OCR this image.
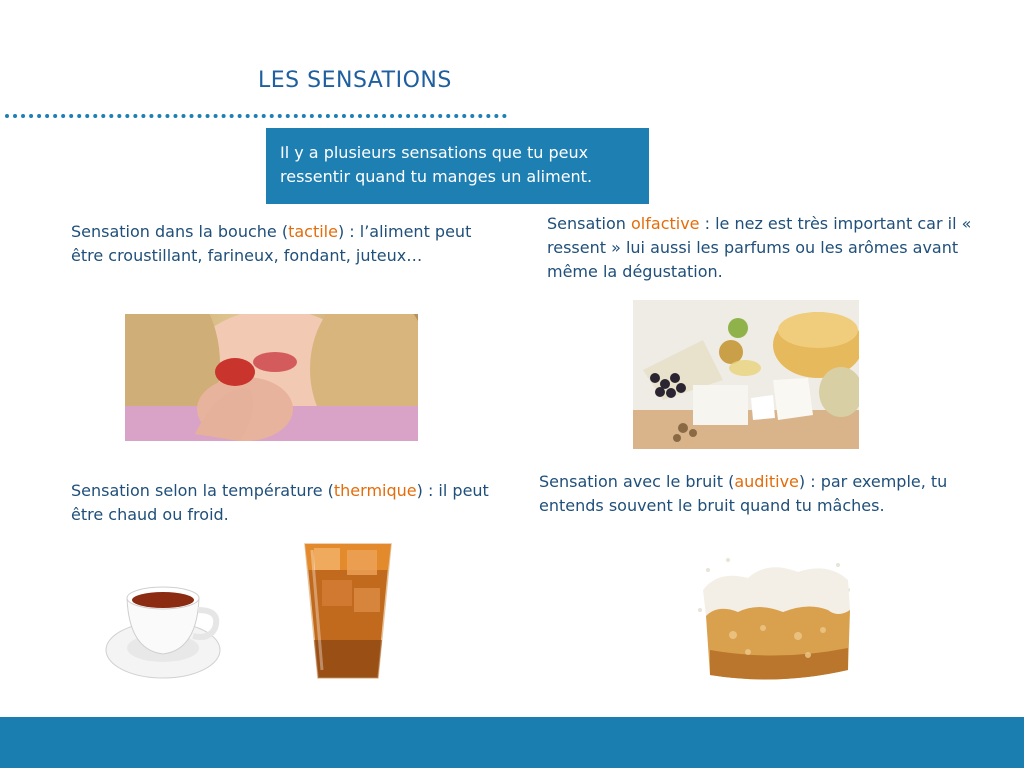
LES SENSATIONS
Il y a plusieurs sensations que tu peux ressentir quand tu manges un aliment.
Sensation dans la bouche (tactile) : l’aliment peut être croustillant, farineux, fondant, juteux…
Sensation olfactive : le nez est très important car il « ressent » lui aussi les parfums ou les arômes avant même la dégustation.
Sensation selon la température (thermique) : il peut être chaud ou froid.
Sensation avec le bruit (auditive) : par exemple, tu entends souvent le bruit quand tu mâches.
